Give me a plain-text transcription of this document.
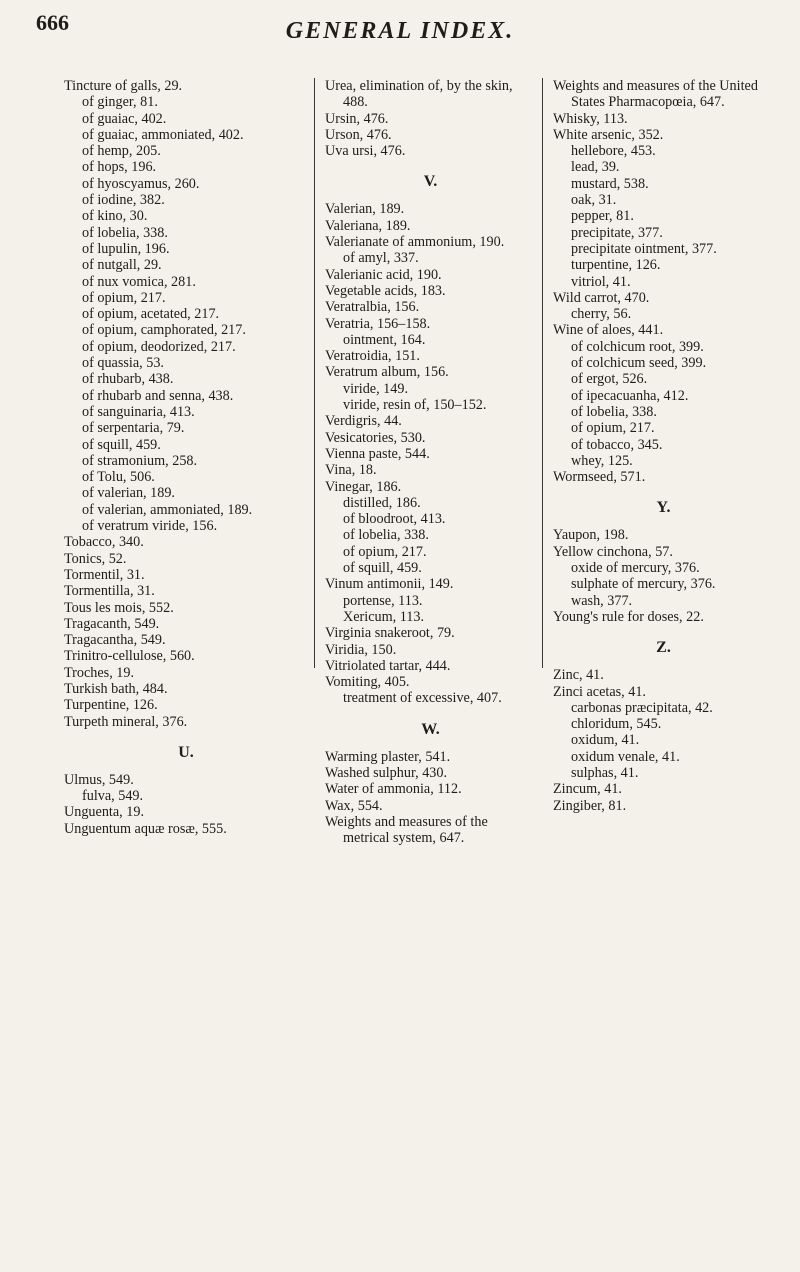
666	GENERAL INDEX.

Tincture of galls, 29.

of ginger, 81.

of guaiac, 402.

of guaiac, ammoniated, 402.

of hemp, 205.

of hops, 196.

of hyoscyamus, 260.

of iodine, 382.

of kino, 30.

of lobelia, 338.

of lupulin, 196.

of nutgall, 29.

of nux vomica, 281.

of opium, 217.

of opium, acetated, 217.

of opium, camphorated, 217.

of opium, deodorized, 217.

of quassia, 53.

of rhubarb, 438.

of rhubarb and senna, 438.

of sanguinaria, 413.

of serpentaria, 79.

of squill, 459.

of stramonium, 258.

of Tolu, 506.

of valerian, 189.

of valerian, ammoniated, 189.

of veratrum viride, 156.

Tobacco, 340.

Tonics, 52.

Tormentil, 31.

Tormentilla, 31.

Tous les mois, 552.

Tragacanth, 549.

Tragacantha, 549.

Trinitro-cellulose, 560.

Troches, 19.

Turkish bath, 484.

Turpentine, 126.

Turpeth mineral, 376.

U.

Ulmus, 549.

fulva, 549.

Unguenta, 19.

Unguentum aquæ rosæ, 555.

Urea, elimination of, by the skin, 488.

Ursin, 476.

Urson, 476.

Uva ursi, 476.

V.

Valerian, 189.

Valeriana, 189.

Valerianate of ammonium, 190.

of amyl, 337.

Valerianic acid, 190.

Vegetable acids, 183.

Veratralbia, 156.

Veratria, 156–158.

ointment, 164.

Veratroidia, 151.

Veratrum album, 156.

viride, 149.

viride, resin of, 150–152.

Verdigris, 44.

Vesicatories, 530.

Vienna paste, 544.

Vina, 18.

Vinegar, 186.

distilled, 186.

of bloodroot, 413.

of lobelia, 338.

of opium, 217.

of squill, 459.

Vinum antimonii, 149.

portense, 113.

Xericum, 113.

Virginia snakeroot, 79.

Viridia, 150.

Vitriolated tartar, 444.

Vomiting, 405.

treatment of excessive, 407.

W.

Warming plaster, 541.

Washed sulphur, 430.

Water of ammonia, 112.

Wax, 554.

Weights and measures of the metrical system, 647.

Weights and measures of the United States Pharmacopœia, 647.

Whisky, 113.

White arsenic, 352.

hellebore, 453.

lead, 39.

mustard, 538.

oak, 31.

pepper, 81.

precipitate, 377.

precipitate ointment, 377.

turpentine, 126.

vitriol, 41.

Wild carrot, 470.

cherry, 56.

Wine of aloes, 441.

of colchicum root, 399.

of colchicum seed, 399.

of ergot, 526.

of ipecacuanha, 412.

of lobelia, 338.

of opium, 217.

of tobacco, 345.

whey, 125.

Wormseed, 571.

Y.

Yaupon, 198.

Yellow cinchona, 57.

oxide of mercury, 376.

sulphate of mercury, 376.

wash, 377.

Young's rule for doses, 22.

Z.

Zinc, 41.

Zinci acetas, 41.

carbonas præcipitata, 42.

chloridum, 545.

oxidum, 41.

oxidum venale, 41.

sulphas, 41.

Zincum, 41.

Zingiber, 81.
